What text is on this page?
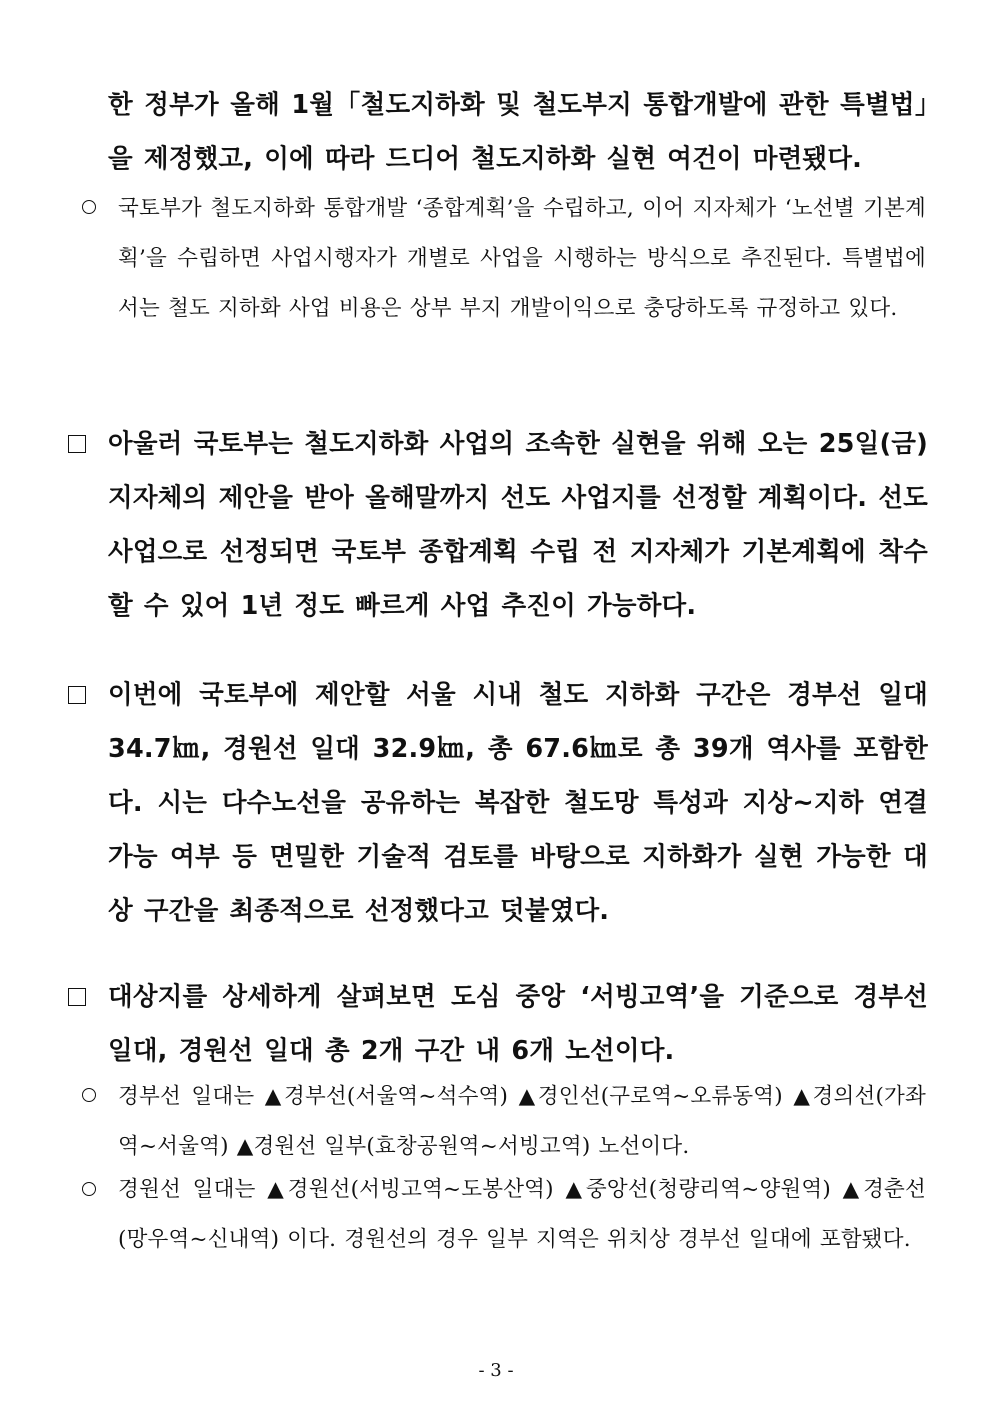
한 정부가 올해 1월「철도지하화 및 철도부지 통합개발에 관한 특별법」을 제정했고, 이에 따라 드디어 철도지하화 실현 여건이 마련됐다.

국토부가 철도지하화 통합개발 ‘종합계획’을 수립하고, 이어 지자체가 ‘노선별 기본계획’을 수립하면 사업시행자가 개별로 사업을 시행하는 방식으로 추진된다. 특별법에서는 철도 지하화 사업 비용은 상부 부지 개발이익으로 충당하도록 규정하고 있다.

아울러 국토부는 철도지하화 사업의 조속한 실현을 위해 오는 25일(금) 지자체의 제안을 받아 올해말까지 선도 사업지를 선정할 계획이다. 선도사업으로 선정되면 국토부 종합계획 수립 전 지자체가 기본계획에 착수할 수 있어 1년 정도 빠르게 사업 추진이 가능하다.

이번에 국토부에 제안할 서울 시내 철도 지하화 구간은 경부선 일대 34.7㎞, 경원선 일대 32.9㎞, 총 67.6㎞로 총 39개 역사를 포함한다. 시는 다수노선을 공유하는 복잡한 철도망 특성과 지상~지하 연결 가능 여부 등 면밀한 기술적 검토를 바탕으로 지하화가 실현 가능한 대상 구간을 최종적으로 선정했다고 덧붙였다.

대상지를 상세하게 살펴보면 도심 중앙 ‘서빙고역’을 기준으로 경부선 일대, 경원선 일대 총 2개 구간 내 6개 노선이다.

경부선 일대는 ▲경부선(서울역~석수역) ▲경인선(구로역~오류동역) ▲경의선(가좌역~서울역) ▲경원선 일부(효창공원역~서빙고역) 노선이다.

경원선 일대는 ▲경원선(서빙고역~도봉산역) ▲중앙선(청량리역~양원역) ▲경춘선(망우역~신내역) 이다. 경원선의 경우 일부 지역은 위치상 경부선 일대에 포함됐다.

- 3 -
